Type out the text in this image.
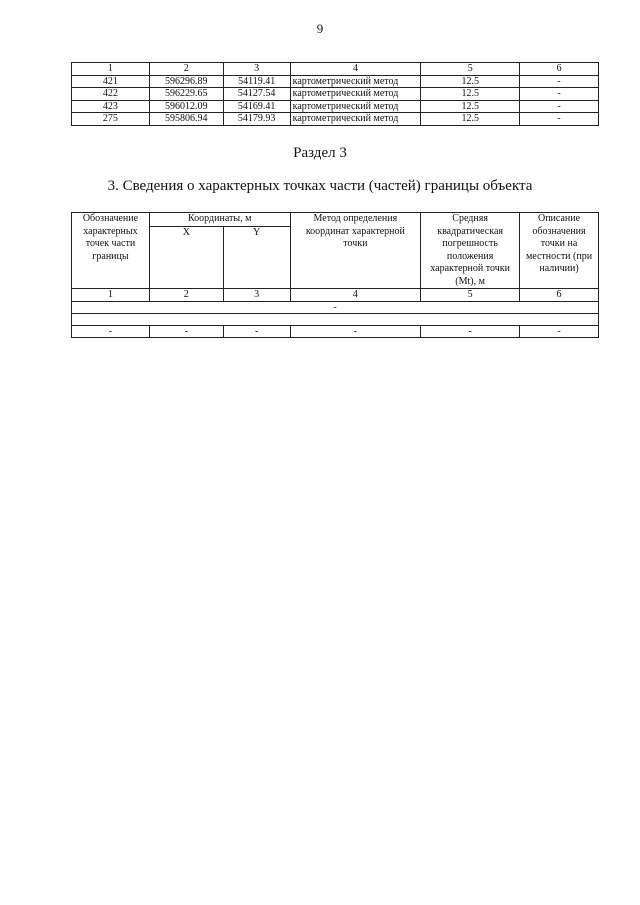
9
1	2	3	4	5	6
421	596296.89	54119.41	картометрический метод	12.5	-
422	596229.65	54127.54	картометрический метод	12.5	-
423	596012.09	54169.41	картометрический метод	12.5	-
275	595806.94	54179.93	картометрический метод	12.5	-
Раздел 3
3. Сведения о характерных точках части (частей) границы объекта
Обозначение характерных точек части границы	Координаты, м		Метод определения координат характерной точки	Средняя квадратическая погрешность положения характерной точки (Mt), м	Описание обозначения точки на местности (при наличии)
	X	Y			
1	2	3	4	5	6
-					

-	-	-	-	-	-
